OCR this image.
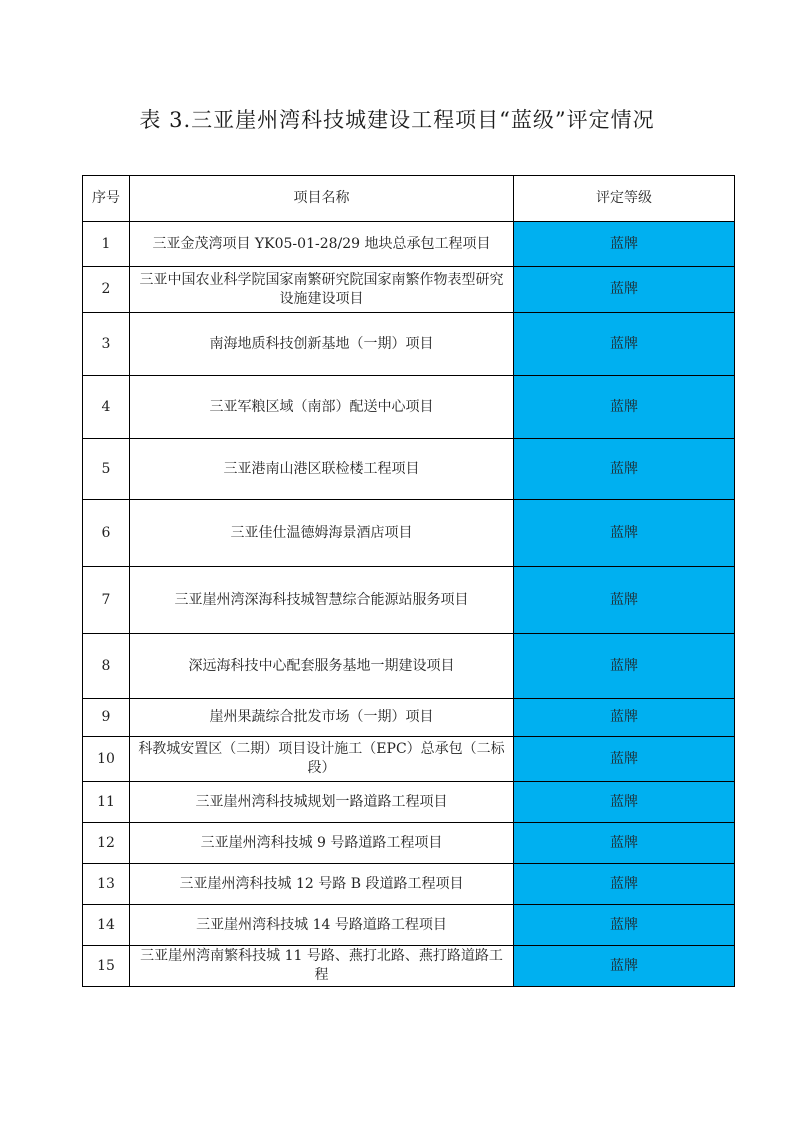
表 3.三亚崖州湾科技城建设工程项目“蓝级”评定情况
序号	项目名称	评定等级
1	三亚金茂湾项目 YK05-01-28/29 地块总承包工程项目	蓝牌
2	三亚中国农业科学院国家南繁研究院国家南繁作物表型研究设施建设项目	蓝牌
3	南海地质科技创新基地（一期）项目	蓝牌
4	三亚军粮区域（南部）配送中心项目	蓝牌
5	三亚港南山港区联检楼工程项目	蓝牌
6	三亚佳仕温德姆海景酒店项目	蓝牌
7	三亚崖州湾深海科技城智慧综合能源站服务项目	蓝牌
8	深远海科技中心配套服务基地一期建设项目	蓝牌
9	崖州果蔬综合批发市场（一期）项目	蓝牌
10	科教城安置区（二期）项目设计施工（EPC）总承包（二标段）	蓝牌
11	三亚崖州湾科技城规划一路道路工程项目	蓝牌
12	三亚崖州湾科技城 9 号路道路工程项目	蓝牌
13	三亚崖州湾科技城 12 号路 B 段道路工程项目	蓝牌
14	三亚崖州湾科技城 14 号路道路工程项目	蓝牌
15	三亚崖州湾南繁科技城 11 号路、燕打北路、燕打路道路工程	蓝牌
